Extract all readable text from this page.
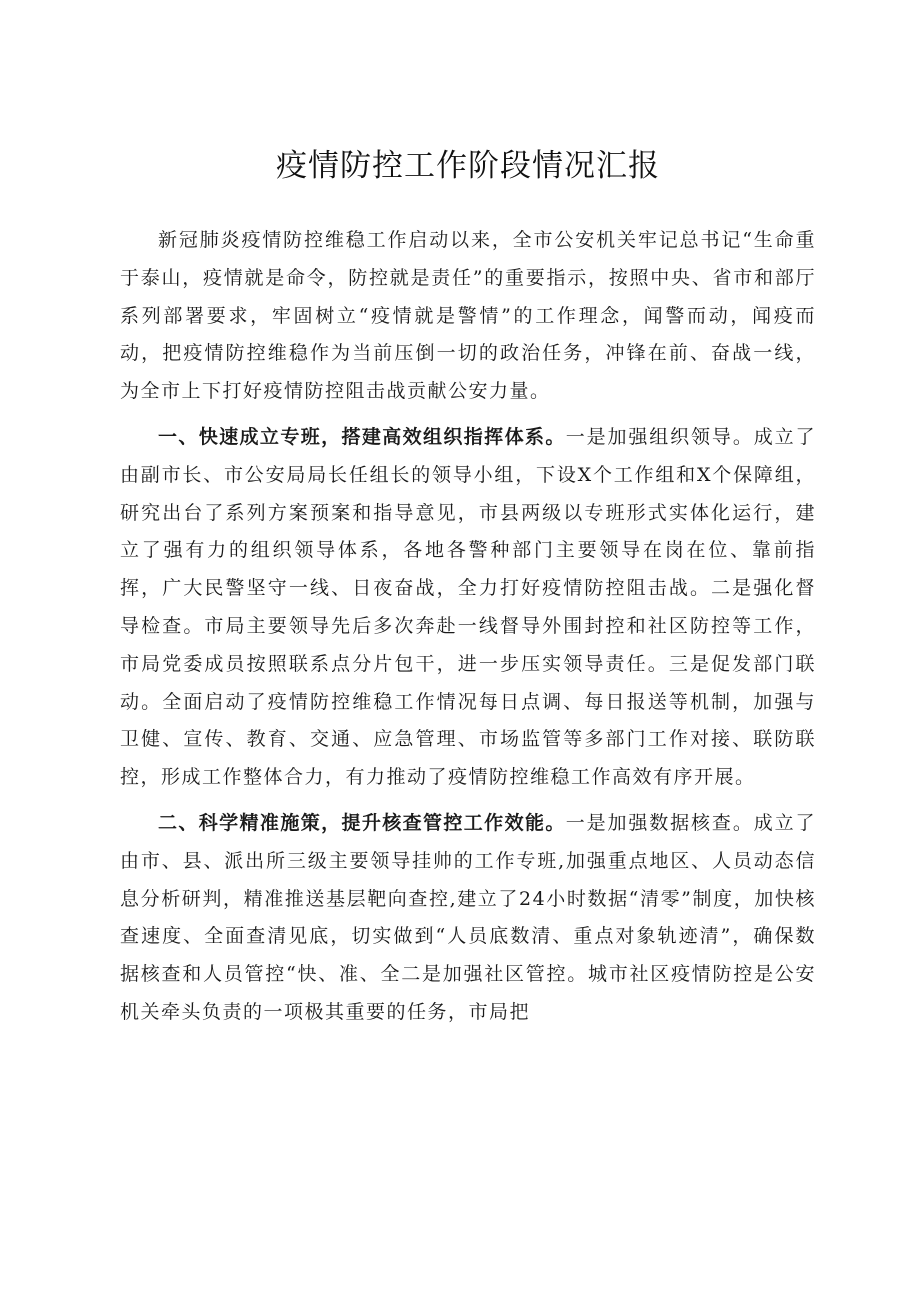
疫情防控工作阶段情况汇报

新冠肺炎疫情防控维稳工作启动以来，全市公安机关牢记总书记“生命重于泰山，疫情就是命令，防控就是责任”的重要指示，按照中央、省市和部厅系列部署要求，牢固树立“疫情就是警情”的工作理念，闻警而动，闻疫而动，把疫情防控维稳作为当前压倒一切的政治任务，冲锋在前、奋战一线，为全市上下打好疫情防控阻击战贡献公安力量。

一、快速成立专班，搭建高效组织指挥体系。一是加强组织领导。成立了由副市长、市公安局局长任组长的领导小组，下设X个工作组和X个保障组，研究出台了系列方案预案和指导意见，市县两级以专班形式实体化运行，建立了强有力的组织领导体系，各地各警种部门主要领导在岗在位、靠前指挥，广大民警坚守一线、日夜奋战，全力打好疫情防控阻击战。二是强化督导检查。市局主要领导先后多次奔赴一线督导外围封控和社区防控等工作，市局党委成员按照联系点分片包干，进一步压实领导责任。三是促发部门联动。全面启动了疫情防控维稳工作情况每日点调、每日报送等机制，加强与卫健、宣传、教育、交通、应急管理、市场监管等多部门工作对接、联防联控，形成工作整体合力，有力推动了疫情防控维稳工作高效有序开展。

二、科学精准施策，提升核查管控工作效能。一是加强数据核查。成立了由市、县、派出所三级主要领导挂帅的工作专班,加强重点地区、人员动态信息分析研判，精准推送基层靶向查控,建立了24小时数据“清零”制度，加快核查速度、全面查清见底，切实做到“人员底数清、重点对象轨迹清”，确保数据核查和人员管控“快、准、全二是加强社区管控。城市社区疫情防控是公安机关牵头负责的一项极其重要的任务，市局把
